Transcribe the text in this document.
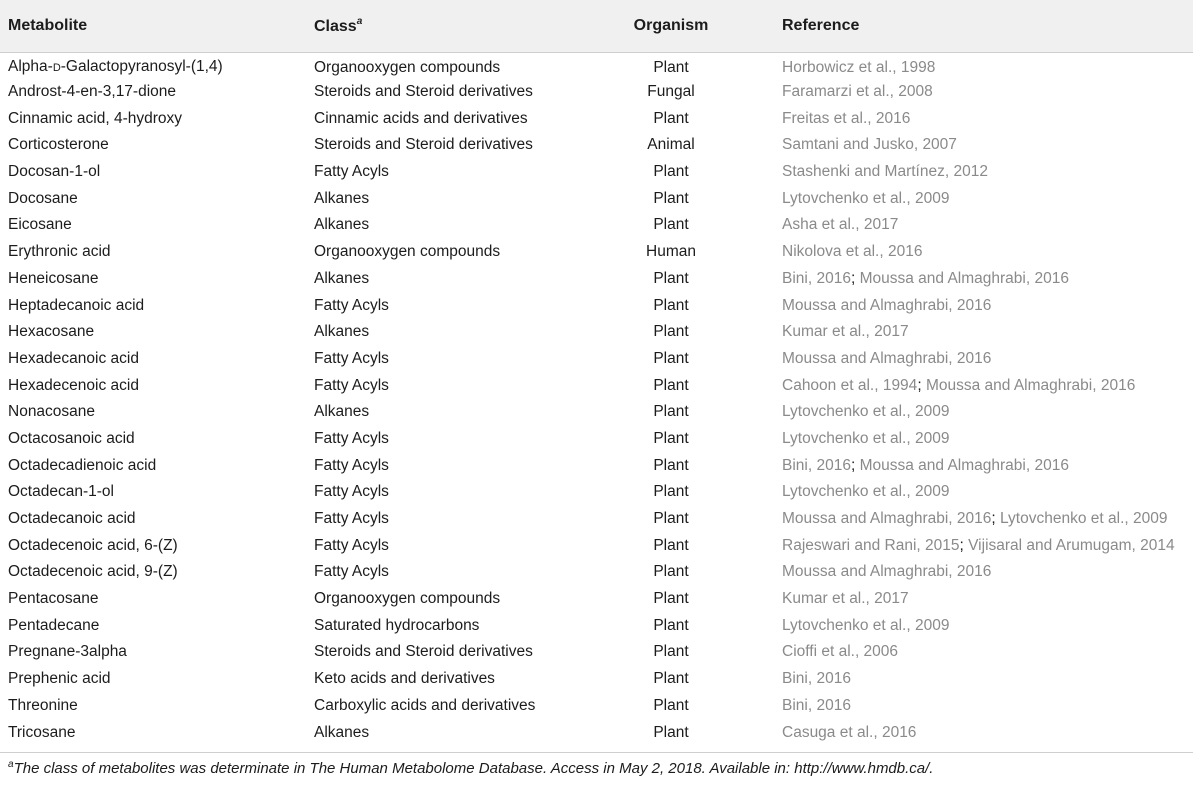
Metabolite	Class$^a$	Organism	Reference
Alpha-D-Galactopyranosyl-(1,4)	Organooxygen compounds	Plant	Horbowicz et al., 1998
Androst-4-en-3,17-dione	Steroids and Steroid derivatives	Fungal	Faramarzi et al., 2008
Cinnamic acid, 4-hydroxy	Cinnamic acids and derivatives	Plant	Freitas et al., 2016
Corticosterone	Steroids and Steroid derivatives	Animal	Samtani and Jusko, 2007
Docosan-1-ol	Fatty Acyls	Plant	Stashenki and Martínez, 2012
Docosane	Alkanes	Plant	Lytovchenko et al., 2009
Eicosane	Alkanes	Plant	Asha et al., 2017
Erythronic acid	Organooxygen compounds	Human	Nikolova et al., 2016
Heneicosane	Alkanes	Plant	Bini, 2016; Moussa and Almaghrabi, 2016
Heptadecanoic acid	Fatty Acyls	Plant	Moussa and Almaghrabi, 2016
Hexacosane	Alkanes	Plant	Kumar et al., 2017
Hexadecanoic acid	Fatty Acyls	Plant	Moussa and Almaghrabi, 2016
Hexadecenoic acid	Fatty Acyls	Plant	Cahoon et al., 1994; Moussa and Almaghrabi, 2016
Nonacosane	Alkanes	Plant	Lytovchenko et al., 2009
Octacosanoic acid	Fatty Acyls	Plant	Lytovchenko et al., 2009
Octadecadienoic acid	Fatty Acyls	Plant	Bini, 2016; Moussa and Almaghrabi, 2016
Octadecan-1-ol	Fatty Acyls	Plant	Lytovchenko et al., 2009
Octadecanoic acid	Fatty Acyls	Plant	Moussa and Almaghrabi, 2016; Lytovchenko et al., 2009
Octadecenoic acid, 6-(Z)	Fatty Acyls	Plant	Rajeswari and Rani, 2015; Vijisaral and Arumugam, 2014
Octadecenoic acid, 9-(Z)	Fatty Acyls	Plant	Moussa and Almaghrabi, 2016
Pentacosane	Organooxygen compounds	Plant	Kumar et al., 2017
Pentadecane	Saturated hydrocarbons	Plant	Lytovchenko et al., 2009
Pregnane-3alpha	Steroids and Steroid derivatives	Plant	Cioffi et al., 2006
Prephenic acid	Keto acids and derivatives	Plant	Bini, 2016
Threonine	Carboxylic acids and derivatives	Plant	Bini, 2016
Tricosane	Alkanes	Plant	Casuga et al., 2016
$^a$The class of metabolites was determinate in The Human Metabolome Database. Access in May 2, 2018. Available in: http://www.hmdb.ca/.
